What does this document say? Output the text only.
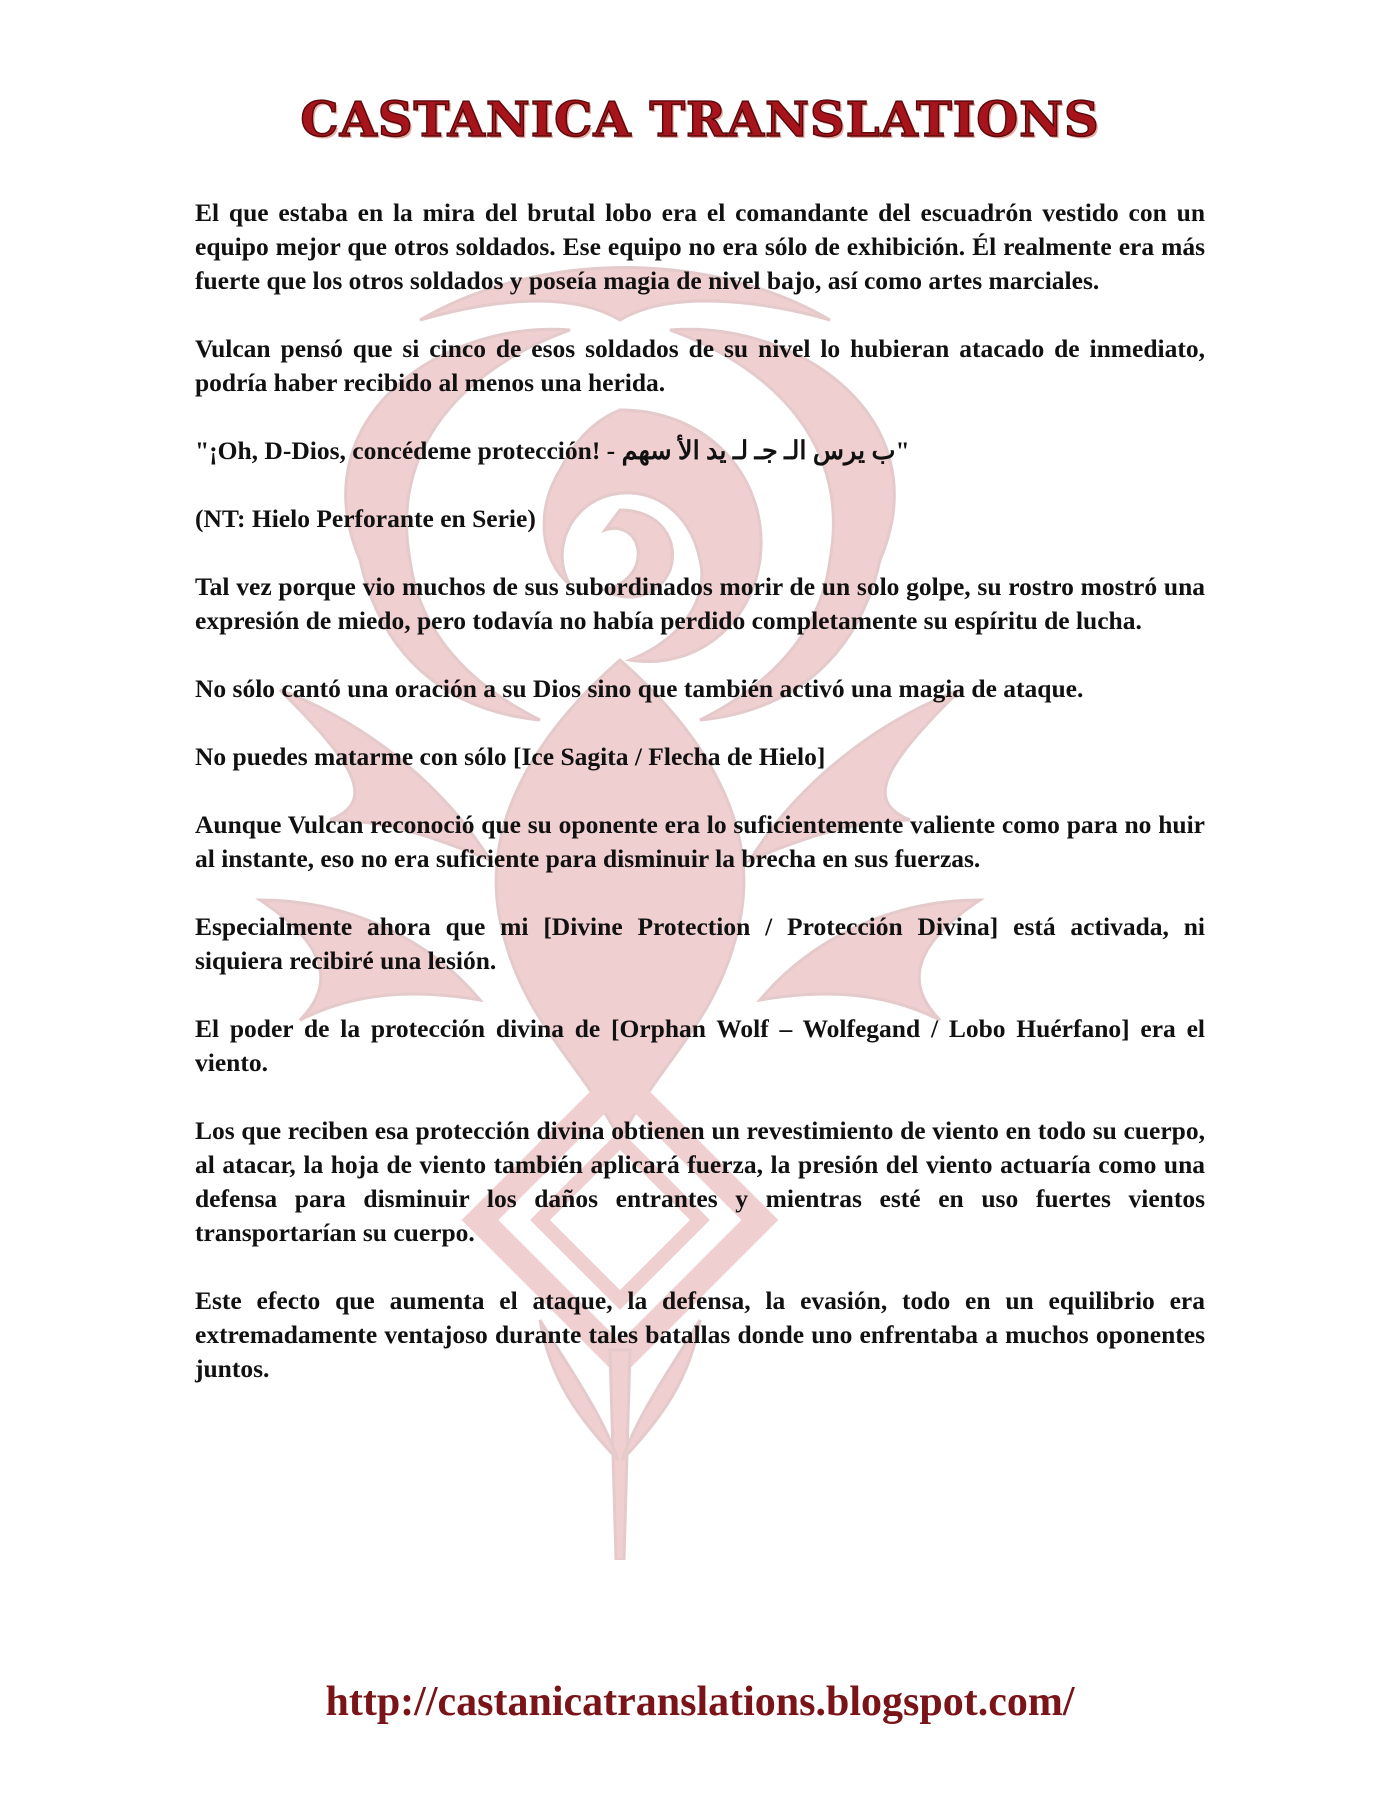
CASTANICA TRANSLATIONS

El que estaba en la mira del brutal lobo era el comandante del escuadrón vestido con un equipo mejor que otros soldados. Ese equipo no era sólo de exhibición. Él realmente era más fuerte que los otros soldados y poseía magia de nivel bajo, así como artes marciales.

Vulcan pensó que si cinco de esos soldados de su nivel lo hubieran atacado de inmediato, podría haber recibido al menos una herida.

"¡Oh, D-Dios, concédeme protección! - ب يرس الـ جـ لـ يد الأ سهم"

(NT: Hielo Perforante en Serie)

Tal vez porque vio muchos de sus subordinados morir de un solo golpe, su rostro mostró una expresión de miedo, pero todavía no había perdido completamente su espíritu de lucha.

No sólo cantó una oración a su Dios sino que también activó una magia de ataque.

No puedes matarme con sólo [Ice Sagita / Flecha de Hielo]

Aunque Vulcan reconoció que su oponente era lo suficientemente valiente como para no huir al instante, eso no era suficiente para disminuir la brecha en sus fuerzas.

Especialmente ahora que mi [Divine Protection / Protección Divina] está activada, ni siquiera recibiré una lesión.

El poder de la protección divina de [Orphan Wolf – Wolfegand / Lobo Huérfano] era el viento.

Los que reciben esa protección divina obtienen un revestimiento de viento en todo su cuerpo, al atacar, la hoja de viento también aplicará fuerza, la presión del viento actuaría como una defensa para disminuir los daños entrantes y mientras esté en uso fuertes vientos transportarían su cuerpo.

Este efecto que aumenta el ataque, la defensa, la evasión, todo en un equilibrio era extremadamente ventajoso durante tales batallas donde uno enfrentaba a muchos oponentes juntos.

http://castanicatranslations.blogspot.com/
